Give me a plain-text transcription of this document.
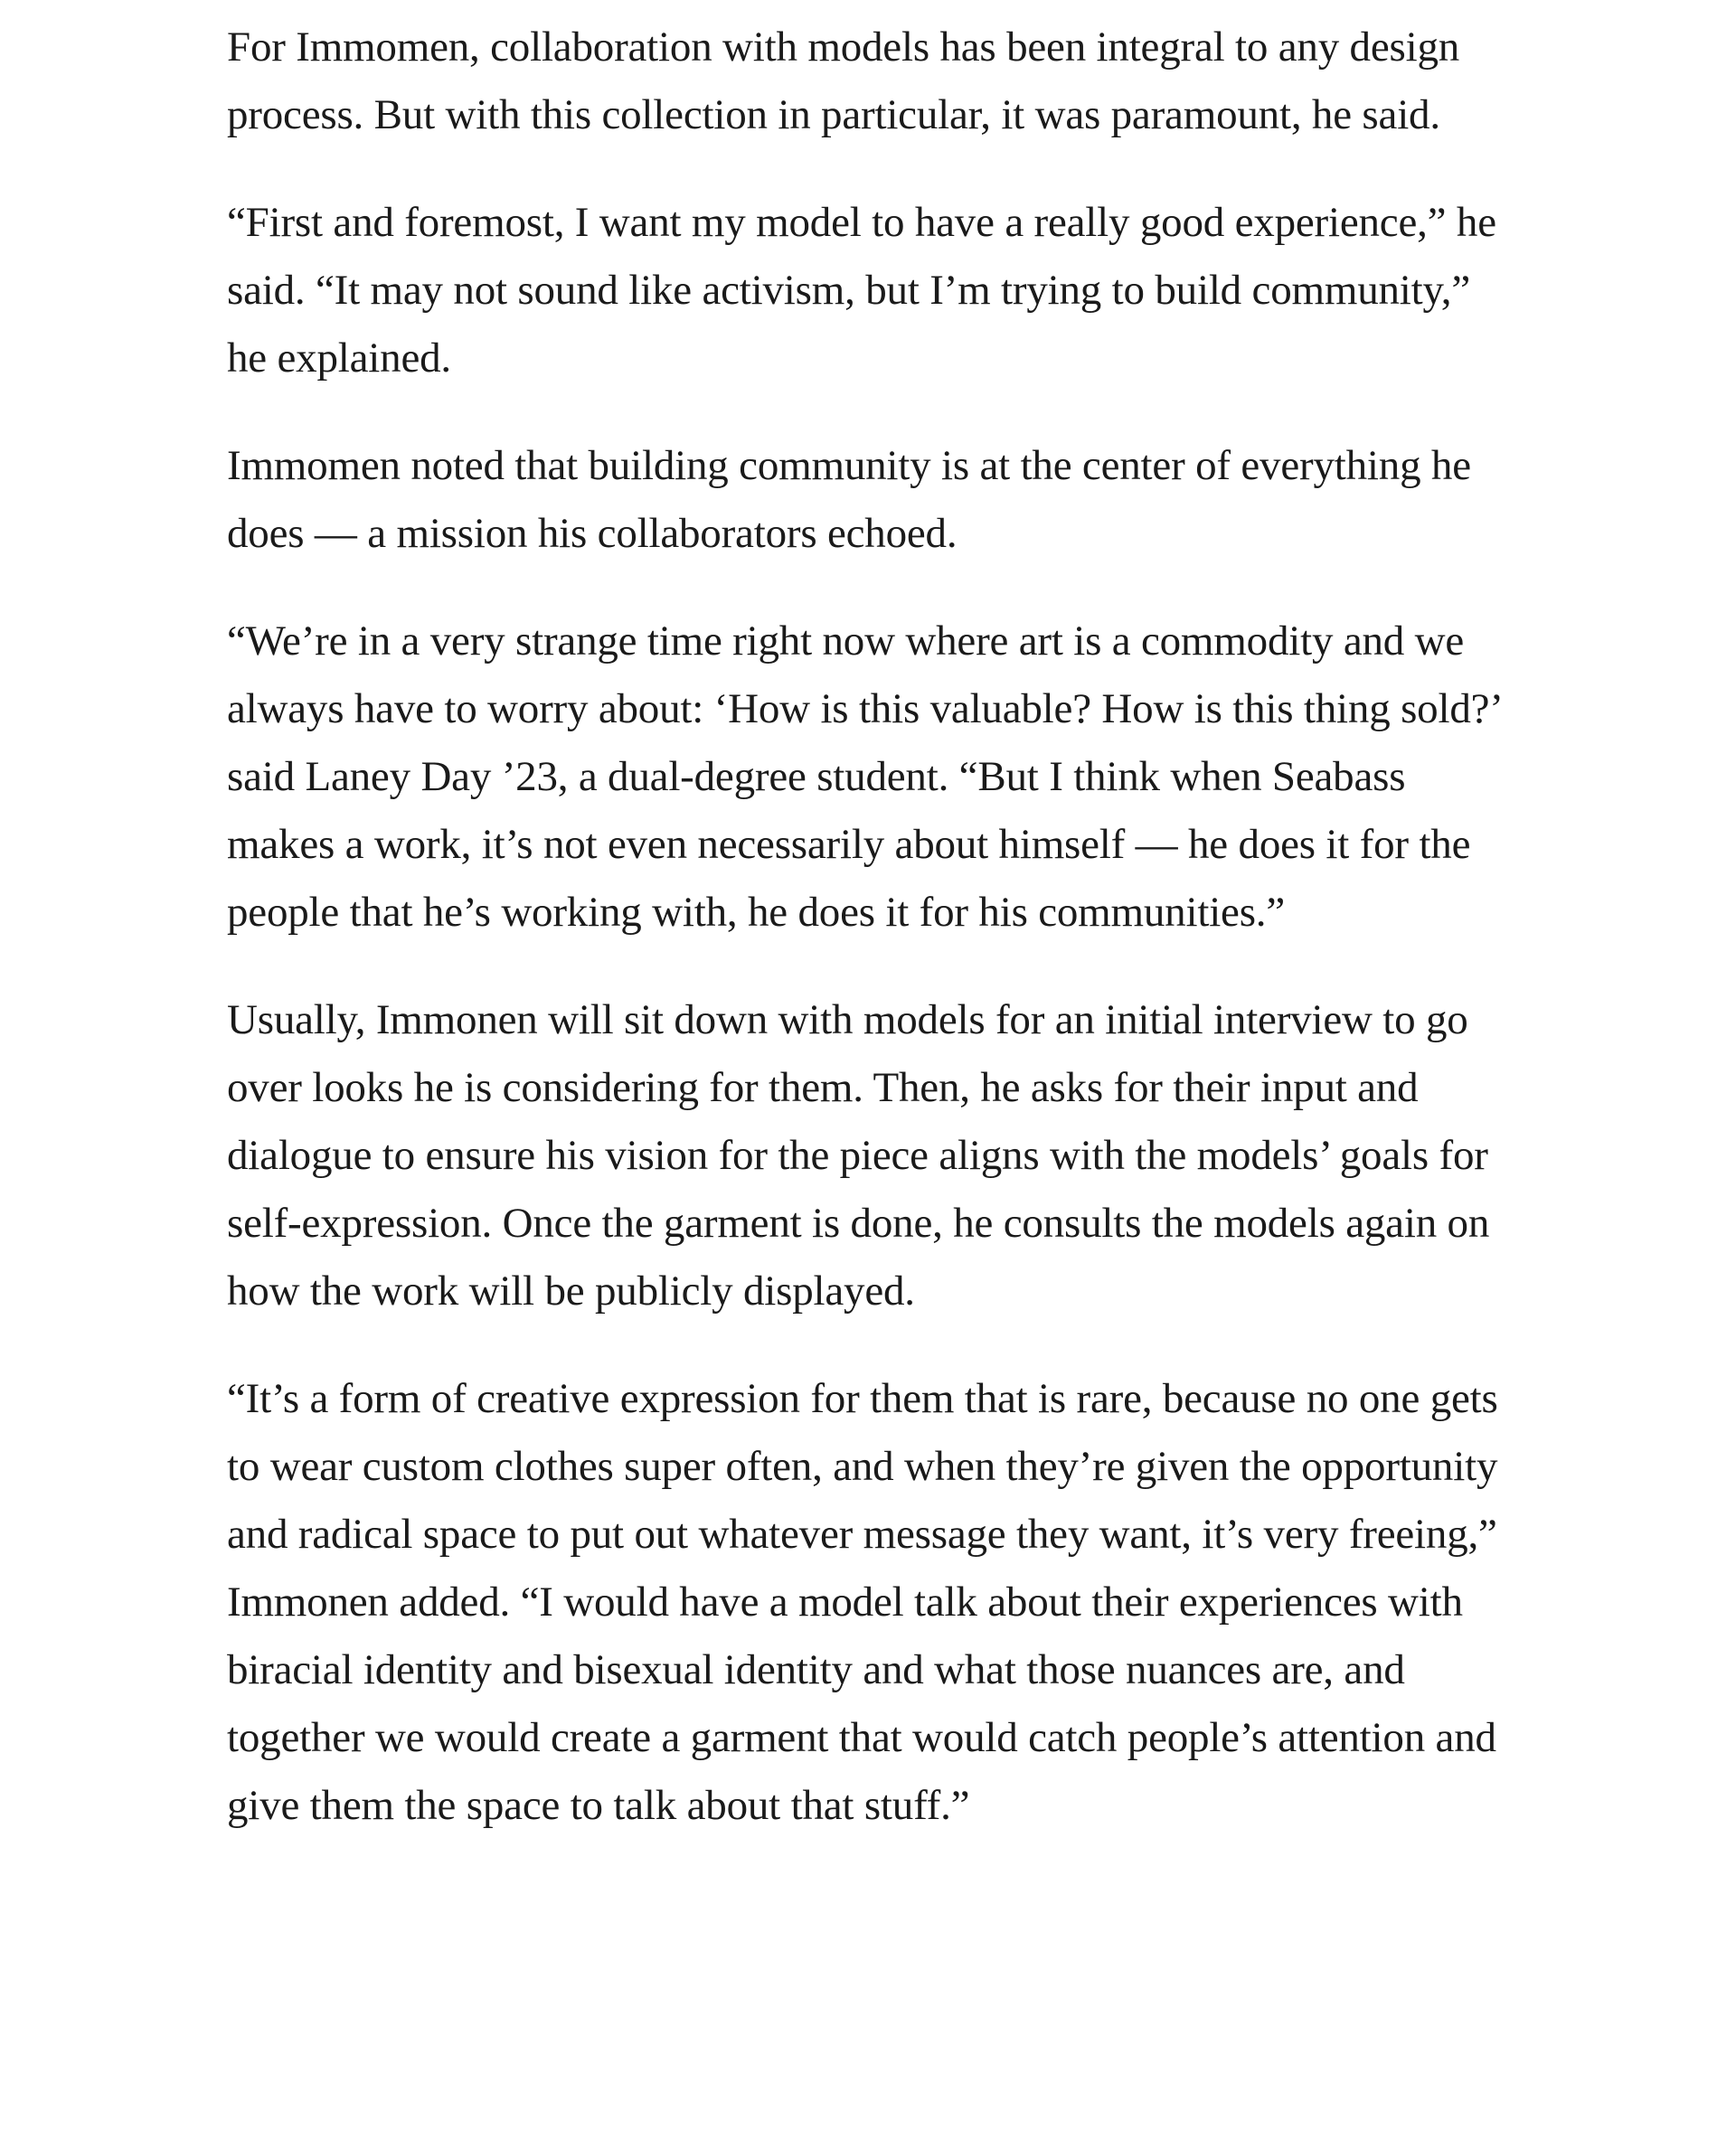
For Immomen, collaboration with models has been integral to any design process. But with this collection in particular, it was paramount, he said.

“First and foremost, I want my model to have a really good experience,” he said. “It may not sound like activism, but I’m trying to build community,” he explained.

Immomen noted that building community is at the center of everything he does — a mission his collaborators echoed.

“We’re in a very strange time right now where art is a commodity and we always have to worry about: ‘How is this valuable? How is this thing sold?’ said Laney Day ’23, a dual-degree student. “But I think when Seabass makes a work, it’s not even necessarily about himself — he does it for the people that he’s working with, he does it for his communities.”

Usually, Immonen will sit down with models for an initial interview to go over looks he is considering for them. Then, he asks for their input and dialogue to ensure his vision for the piece aligns with the models’ goals for self-expression. Once the garment is done, he consults the models again on how the work will be publicly displayed.

“It’s a form of creative expression for them that is rare, because no one gets to wear custom clothes super often, and when they’re given the opportunity and radical space to put out whatever message they want, it’s very freeing,” Immonen added. “I would have a model talk about their experiences with biracial identity and bisexual identity and what those nuances are, and together we would create a garment that would catch people’s attention and give them the space to talk about that stuff.”
